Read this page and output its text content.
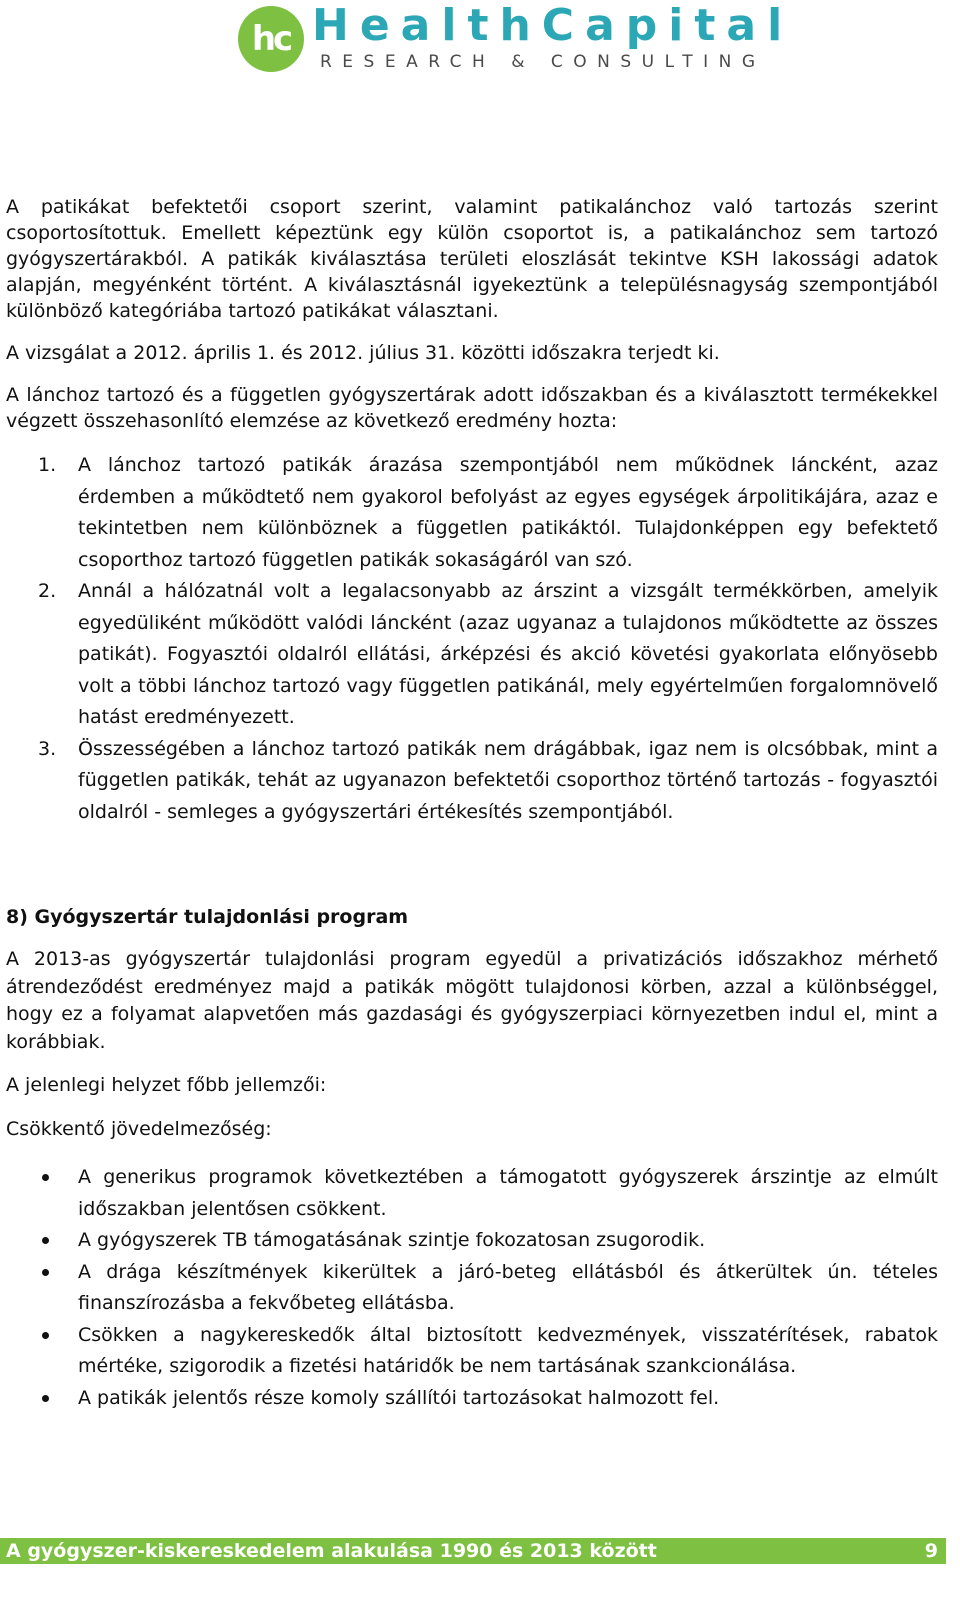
hc HealthCapital
RESEARCH & CONSULTING

A patikákat befektetői csoport szerint, valamint patikalánchoz való tartozás szerint csoportosítottuk. Emellett képeztünk egy külön csoportot is, a patikalánchoz sem tartozó gyógyszertárakból. A patikák kiválasztása területi eloszlását tekintve KSH lakossági adatok alapján, megyénként történt. A kiválasztásnál igyekeztünk a településnagyság szempontjából különböző kategóriába tartozó patikákat választani.

A vizsgálat a 2012. április 1. és 2012. július 31. közötti időszakra terjedt ki.

A lánchoz tartozó és a független gyógyszertárak adott időszakban és a kiválasztott termékekkel végzett összehasonlító elemzése az következő eredmény hozta:

1. A lánchoz tartozó patikák árazása szempontjából nem működnek láncként, azaz érdemben a működtető nem gyakorol befolyást az egyes egységek árpolitikájára, azaz e tekintetben nem különböznek a független patikáktól. Tulajdonképpen egy befektető csoporthoz tartozó független patikák sokaságáról van szó.
2. Annál a hálózatnál volt a legalacsonyabb az árszint a vizsgált termékkörben, amelyik egyedüliként működött valódi láncként (azaz ugyanaz a tulajdonos működtette az összes patikát). Fogyasztói oldalról ellátási, árképzési és akció követési gyakorlata előnyösebb volt a többi lánchoz tartozó vagy független patikánál, mely egyértelműen forgalomnövelő hatást eredményezett.
3. Összességében a lánchoz tartozó patikák nem drágábbak, igaz nem is olcsóbbak, mint a független patikák, tehát az ugyanazon befektetői csoporthoz történő tartozás - fogyasztói oldalról - semleges a gyógyszertári értékesítés szempontjából.
8) Gyógyszertár tulajdonlási program

A 2013-as gyógyszertár tulajdonlási program egyedül a privatizációs időszakhoz mérhető átrendeződést eredményez majd a patikák mögött tulajdonosi körben, azzal a különbséggel, hogy ez a folyamat alapvetően más gazdasági és gyógyszerpiaci környezetben indul el, mint a korábbiak.

A jelenlegi helyzet főbb jellemzői:

Csökkentő jövedelmezőség:

A generikus programok következtében a támogatott gyógyszerek árszintje az elmúlt időszakban jelentősen csökkent.
A gyógyszerek TB támogatásának szintje fokozatosan zsugorodik.
A drága készítmények kikerültek a járó-beteg ellátásból és átkerültek ún. tételes finanszírozásba a fekvőbeteg ellátásba.
Csökken a nagykereskedők által biztosított kedvezmények, visszatérítések, rabatok mértéke, szigorodik a fizetési határidők be nem tartásának szankcionálása.
A patikák jelentős része komoly szállítói tartozásokat halmozott fel.
A gyógyszer-kiskereskedelem alakulása 1990 és 2013 között	9
